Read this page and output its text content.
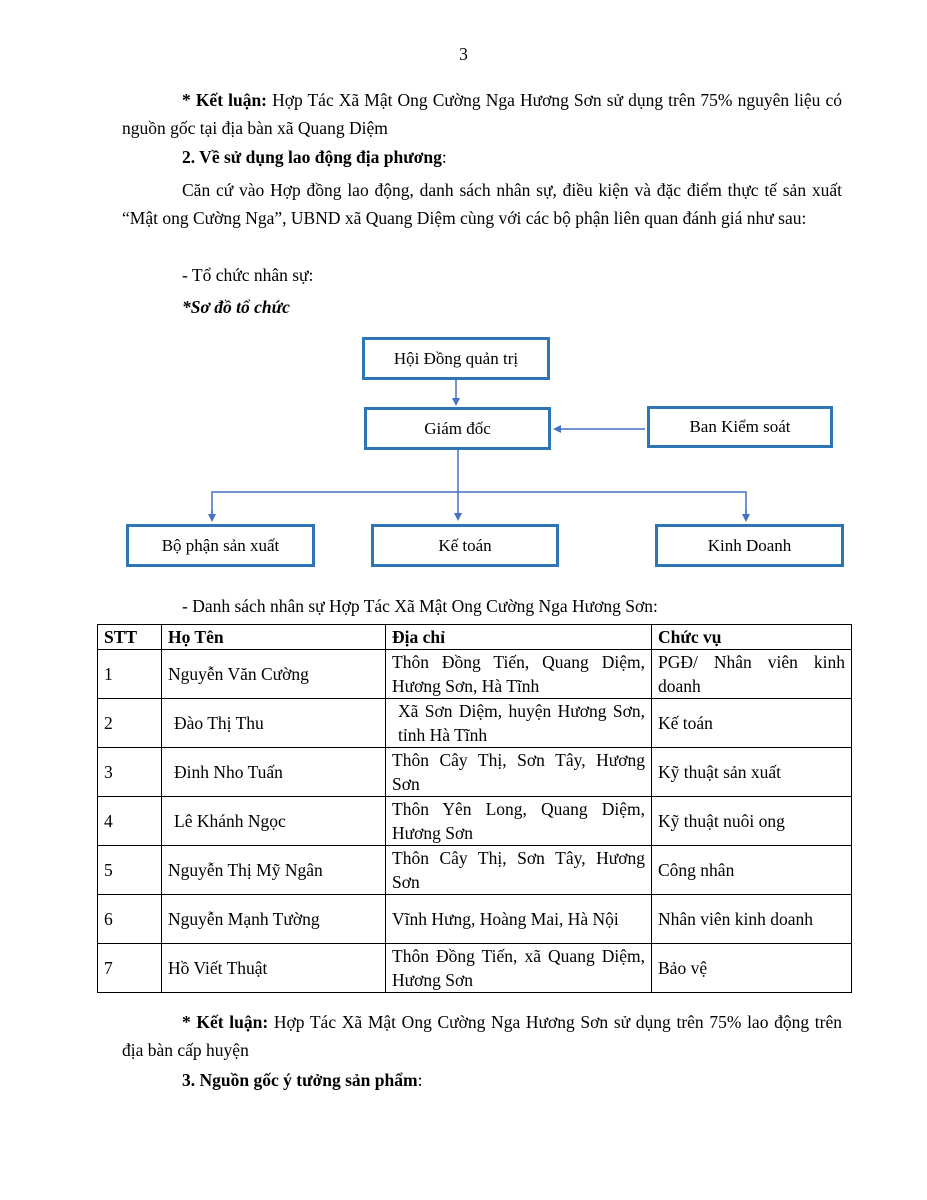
3

* Kết luận: Hợp Tác Xã Mật Ong Cường Nga Hương Sơn sử dụng trên 75% nguyên liệu có nguồn gốc tại địa bàn xã Quang Diệm

2. Về sử dụng lao động địa phương:

Căn cứ vào Hợp đồng lao động, danh sách nhân sự, điều kiện và đặc điểm thực tế sản xuất “Mật ong Cường Nga”, UBND xã Quang Diệm cùng với các bộ phận liên quan đánh giá như sau:

- Tổ chức nhân sự:

*Sơ đồ tổ chức

Hội Đồng quản trị
Giám đốc	Ban Kiểm soát
Bộ phận sản xuất	Kế toán	Kinh Doanh

- Danh sách nhân sự Hợp Tác Xã Mật Ong Cường Nga Hương Sơn:

STT	Họ Tên	Địa chỉ	Chức vụ
1	Nguyễn Văn Cường	Thôn Đồng Tiến, Quang Diệm, Hương Sơn, Hà Tĩnh	PGĐ/ Nhân viên kinh doanh
2	Đào Thị Thu	Xã Sơn Diệm, huyện Hương Sơn, tỉnh Hà Tĩnh	Kế toán
3	Đinh Nho Tuấn	Thôn Cây Thị, Sơn Tây, Hương Sơn	Kỹ thuật sản xuất
4	Lê Khánh Ngọc	Thôn Yên Long, Quang Diệm, Hương Sơn	Kỹ thuật nuôi ong
5	Nguyễn Thị Mỹ Ngân	Thôn Cây Thị, Sơn Tây, Hương Sơn	Công nhân
6	Nguyễn Mạnh Tường	Vĩnh Hưng, Hoàng Mai, Hà Nội	Nhân viên kinh doanh
7	Hồ Viết Thuật	Thôn Đồng Tiến, xã Quang Diệm, Hương Sơn	Bảo vệ

* Kết luận: Hợp Tác Xã Mật Ong Cường Nga Hương Sơn sử dụng trên 75% lao động trên địa bàn cấp huyện

3. Nguồn gốc ý tưởng sản phẩm:
